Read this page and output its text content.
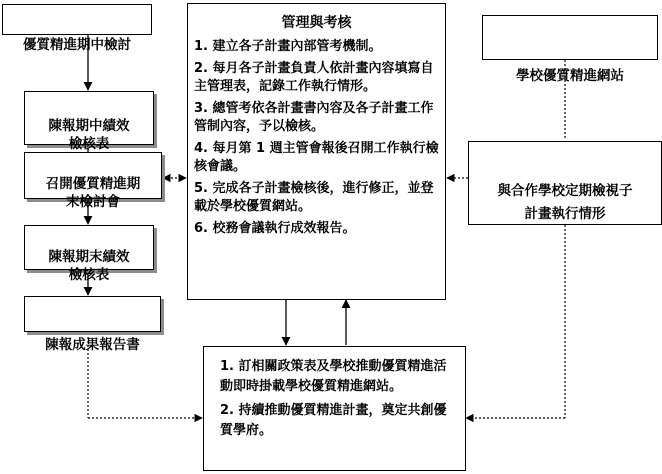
優質精進期中檢討

陳報期中績效
檢核表

召開優質精進期
末檢討會

陳報期末績效
檢核表

陳報成果報告書

管理與考核
1. 建立各子計畫內部管考機制。
2. 每月各子計畫負責人依計畫內容填寫自主管理表，記錄工作執行情形。
3. 總管考依各計畫書內容及各子計畫工作管制內容，予以檢核。
4. 每月第 1 週主管會報後召開工作執行檢核會議。
5. 完成各子計畫檢核後，進行修正，並登載於學校優質網站。
6. 校務會議執行成效報告。

學校優質精進網站

與合作學校定期檢視子
計畫執行情形

1. 訂相關政策表及學校推動優質精進活動即時掛載學校優質精進網站。
2. 持續推動優質精進計畫，奠定共創優質學府。
